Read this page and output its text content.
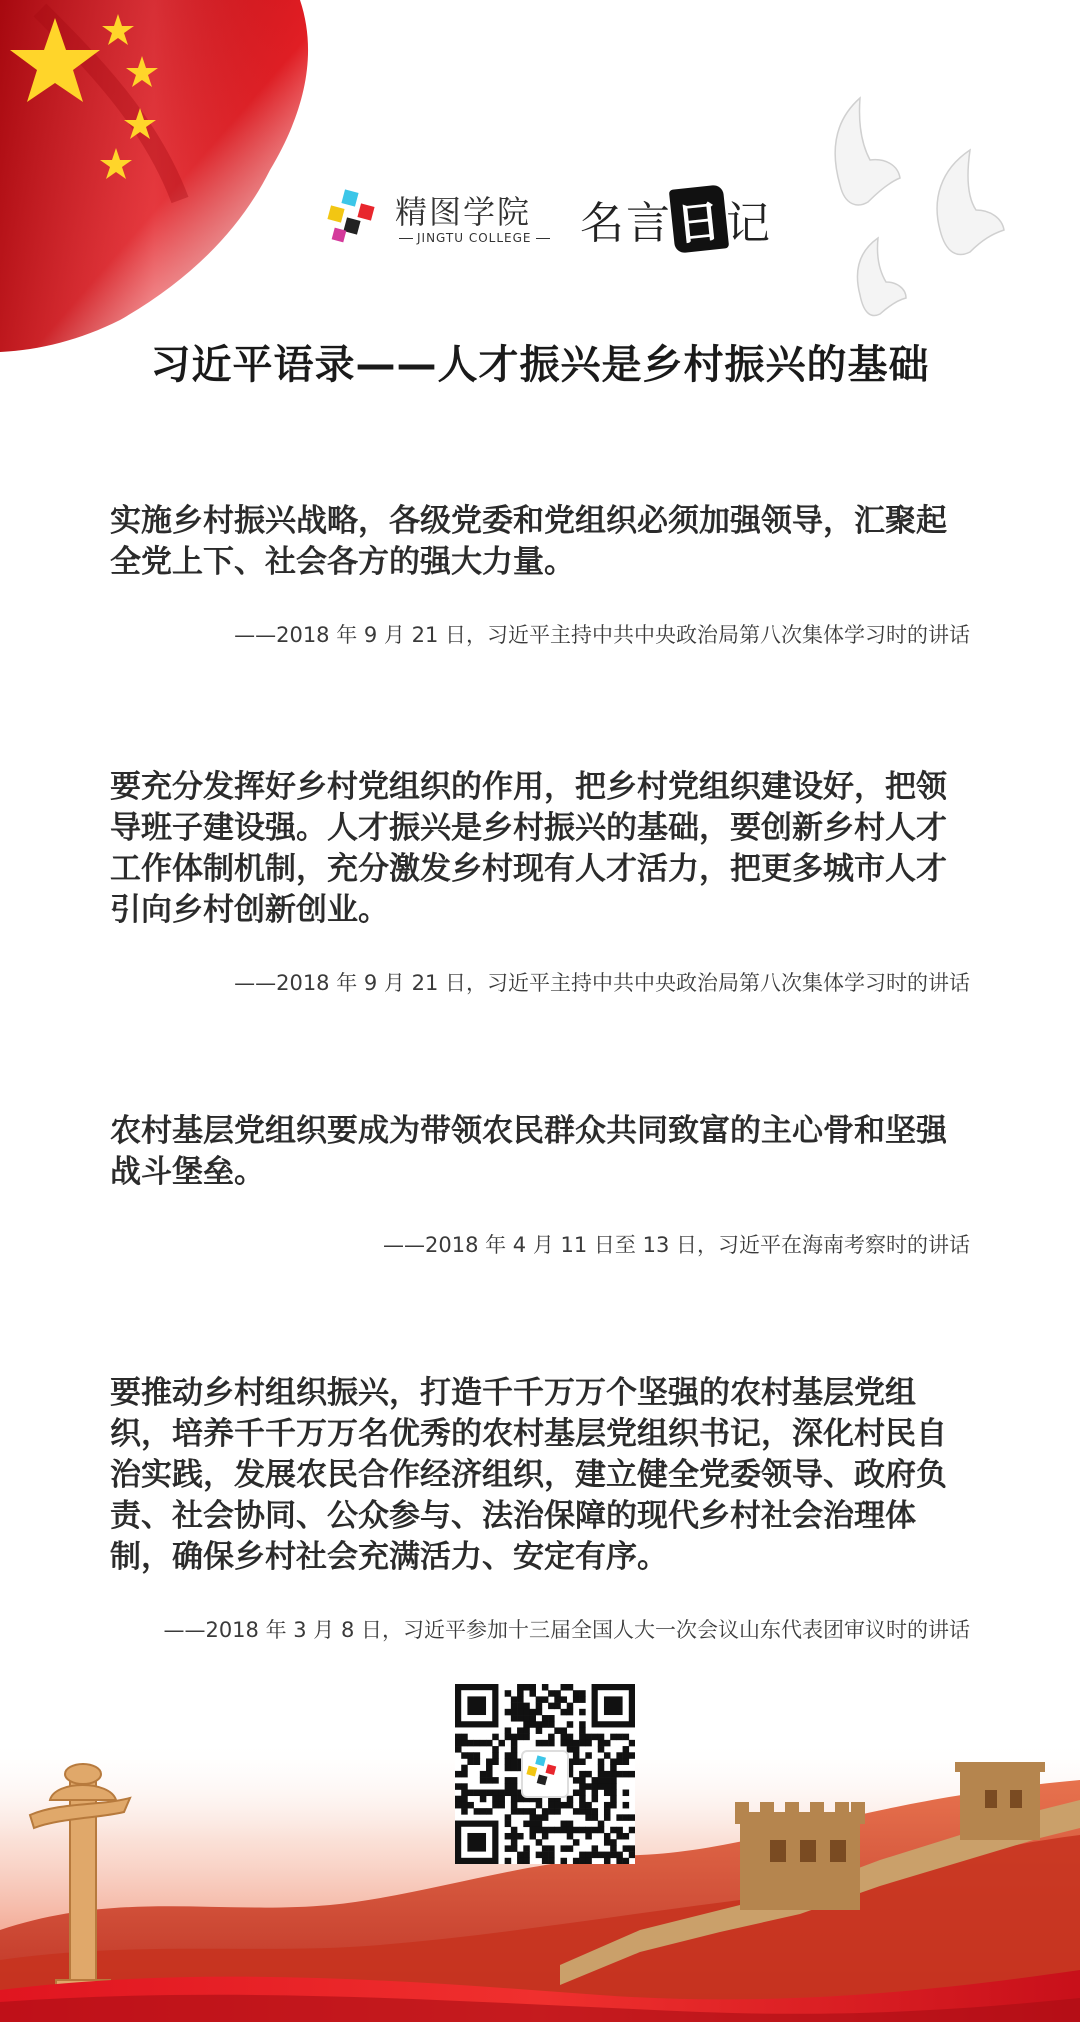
精图学院
JINGTU COLLEGE	名言日记
习近平语录——人才振兴是乡村振兴的基础

实施乡村振兴战略，各级党委和党组织必须加强领导，汇聚起全党上下、社会各方的强大力量。

——2018 年 9 月 21 日，习近平主持中共中央政治局第八次集体学习时的讲话

要充分发挥好乡村党组织的作用，把乡村党组织建设好，把领导班子建设强。人才振兴是乡村振兴的基础，要创新乡村人才工作体制机制，充分激发乡村现有人才活力，把更多城市人才引向乡村创新创业。

——2018 年 9 月 21 日，习近平主持中共中央政治局第八次集体学习时的讲话

农村基层党组织要成为带领农民群众共同致富的主心骨和坚强战斗堡垒。

——2018 年 4 月 11 日至 13 日，习近平在海南考察时的讲话

要推动乡村组织振兴，打造千千万万个坚强的农村基层党组织，培养千千万万名优秀的农村基层党组织书记，深化村民自治实践，发展农民合作经济组织，建立健全党委领导、政府负责、社会协同、公众参与、法治保障的现代乡村社会治理体制，确保乡村社会充满活力、安定有序。

——2018 年 3 月 8 日，习近平参加十三届全国人大一次会议山东代表团审议时的讲话
